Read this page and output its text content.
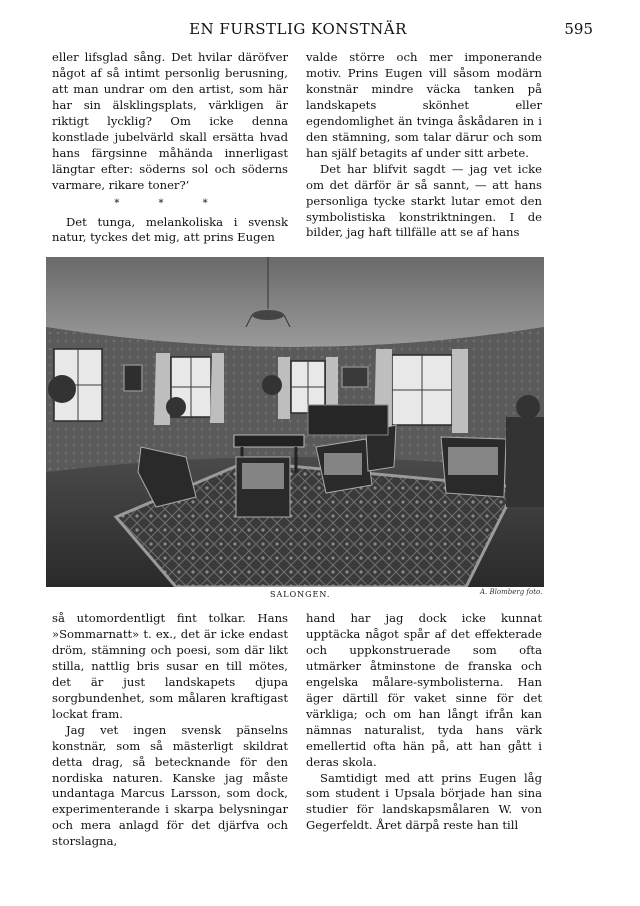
EN FURSTLIG KONSTNÄR	595

eller lifsglad sång. Det hvilar däröfver något af så intimt personlig berusning, att man undrar om den artist, som här har sin älsklingsplats, värkligen är riktigt lycklig? Om icke denna konstlade jubelvärld skall ersätta hvad hans färgsinne måhända innerligast längtar efter: söderns sol och söderns varmare, rikare toner?’

* * *

Det tunga, melankoliska i svensk natur, tyckes det mig, att prins Eugen

valde större och mer imponerande motiv. Prins Eugen vill såsom modärn konstnär mindre väcka tanken på landskapets skönhet eller egendomlighet än tvinga åskådaren in i den stämning, som talar därur och som han själf betagits af under sitt arbete.

Det har blifvit sagdt — jag vet icke om det därför är så sannt, — att hans personliga tycke starkt lutar emot den symbolistiska konstriktningen. I de bilder, jag haft tillfälle att se af hans

SALONGEN.	A. Blomberg foto.

så utomordentligt fint tolkar. Hans »Sommarnatt» t. ex., det är icke endast dröm, stämning och poesi, som där likt stilla, nattlig bris susar en till mötes, det är just landskapets djupa sorgbundenhet, som målaren kraftigast lockat fram.

Jag vet ingen svensk pänselns konstnär, som så mästerligt skildrat detta drag, så betecknande för den nordiska naturen. Kanske jag måste undantaga Marcus Larsson, som dock, experimenterande i skarpa belysningar och mera anlagd för det djärfva och storslagna,

hand har jag dock icke kunnat upptäcka något spår af det effekterade och uppkonstruerade som ofta utmärker åtminstone de franska och engelska målare-symbolisterna. Han äger därtill för vaket sinne för det värkliga; och om han långt ifrån kan nämnas naturalist, tyda hans värk emellertid ofta hän på, att han gått i deras skola.

Samtidigt med att prins Eugen låg som student i Upsala började han sina studier för landskapsmålaren W. von Gegerfeldt. Året därpå reste han till
